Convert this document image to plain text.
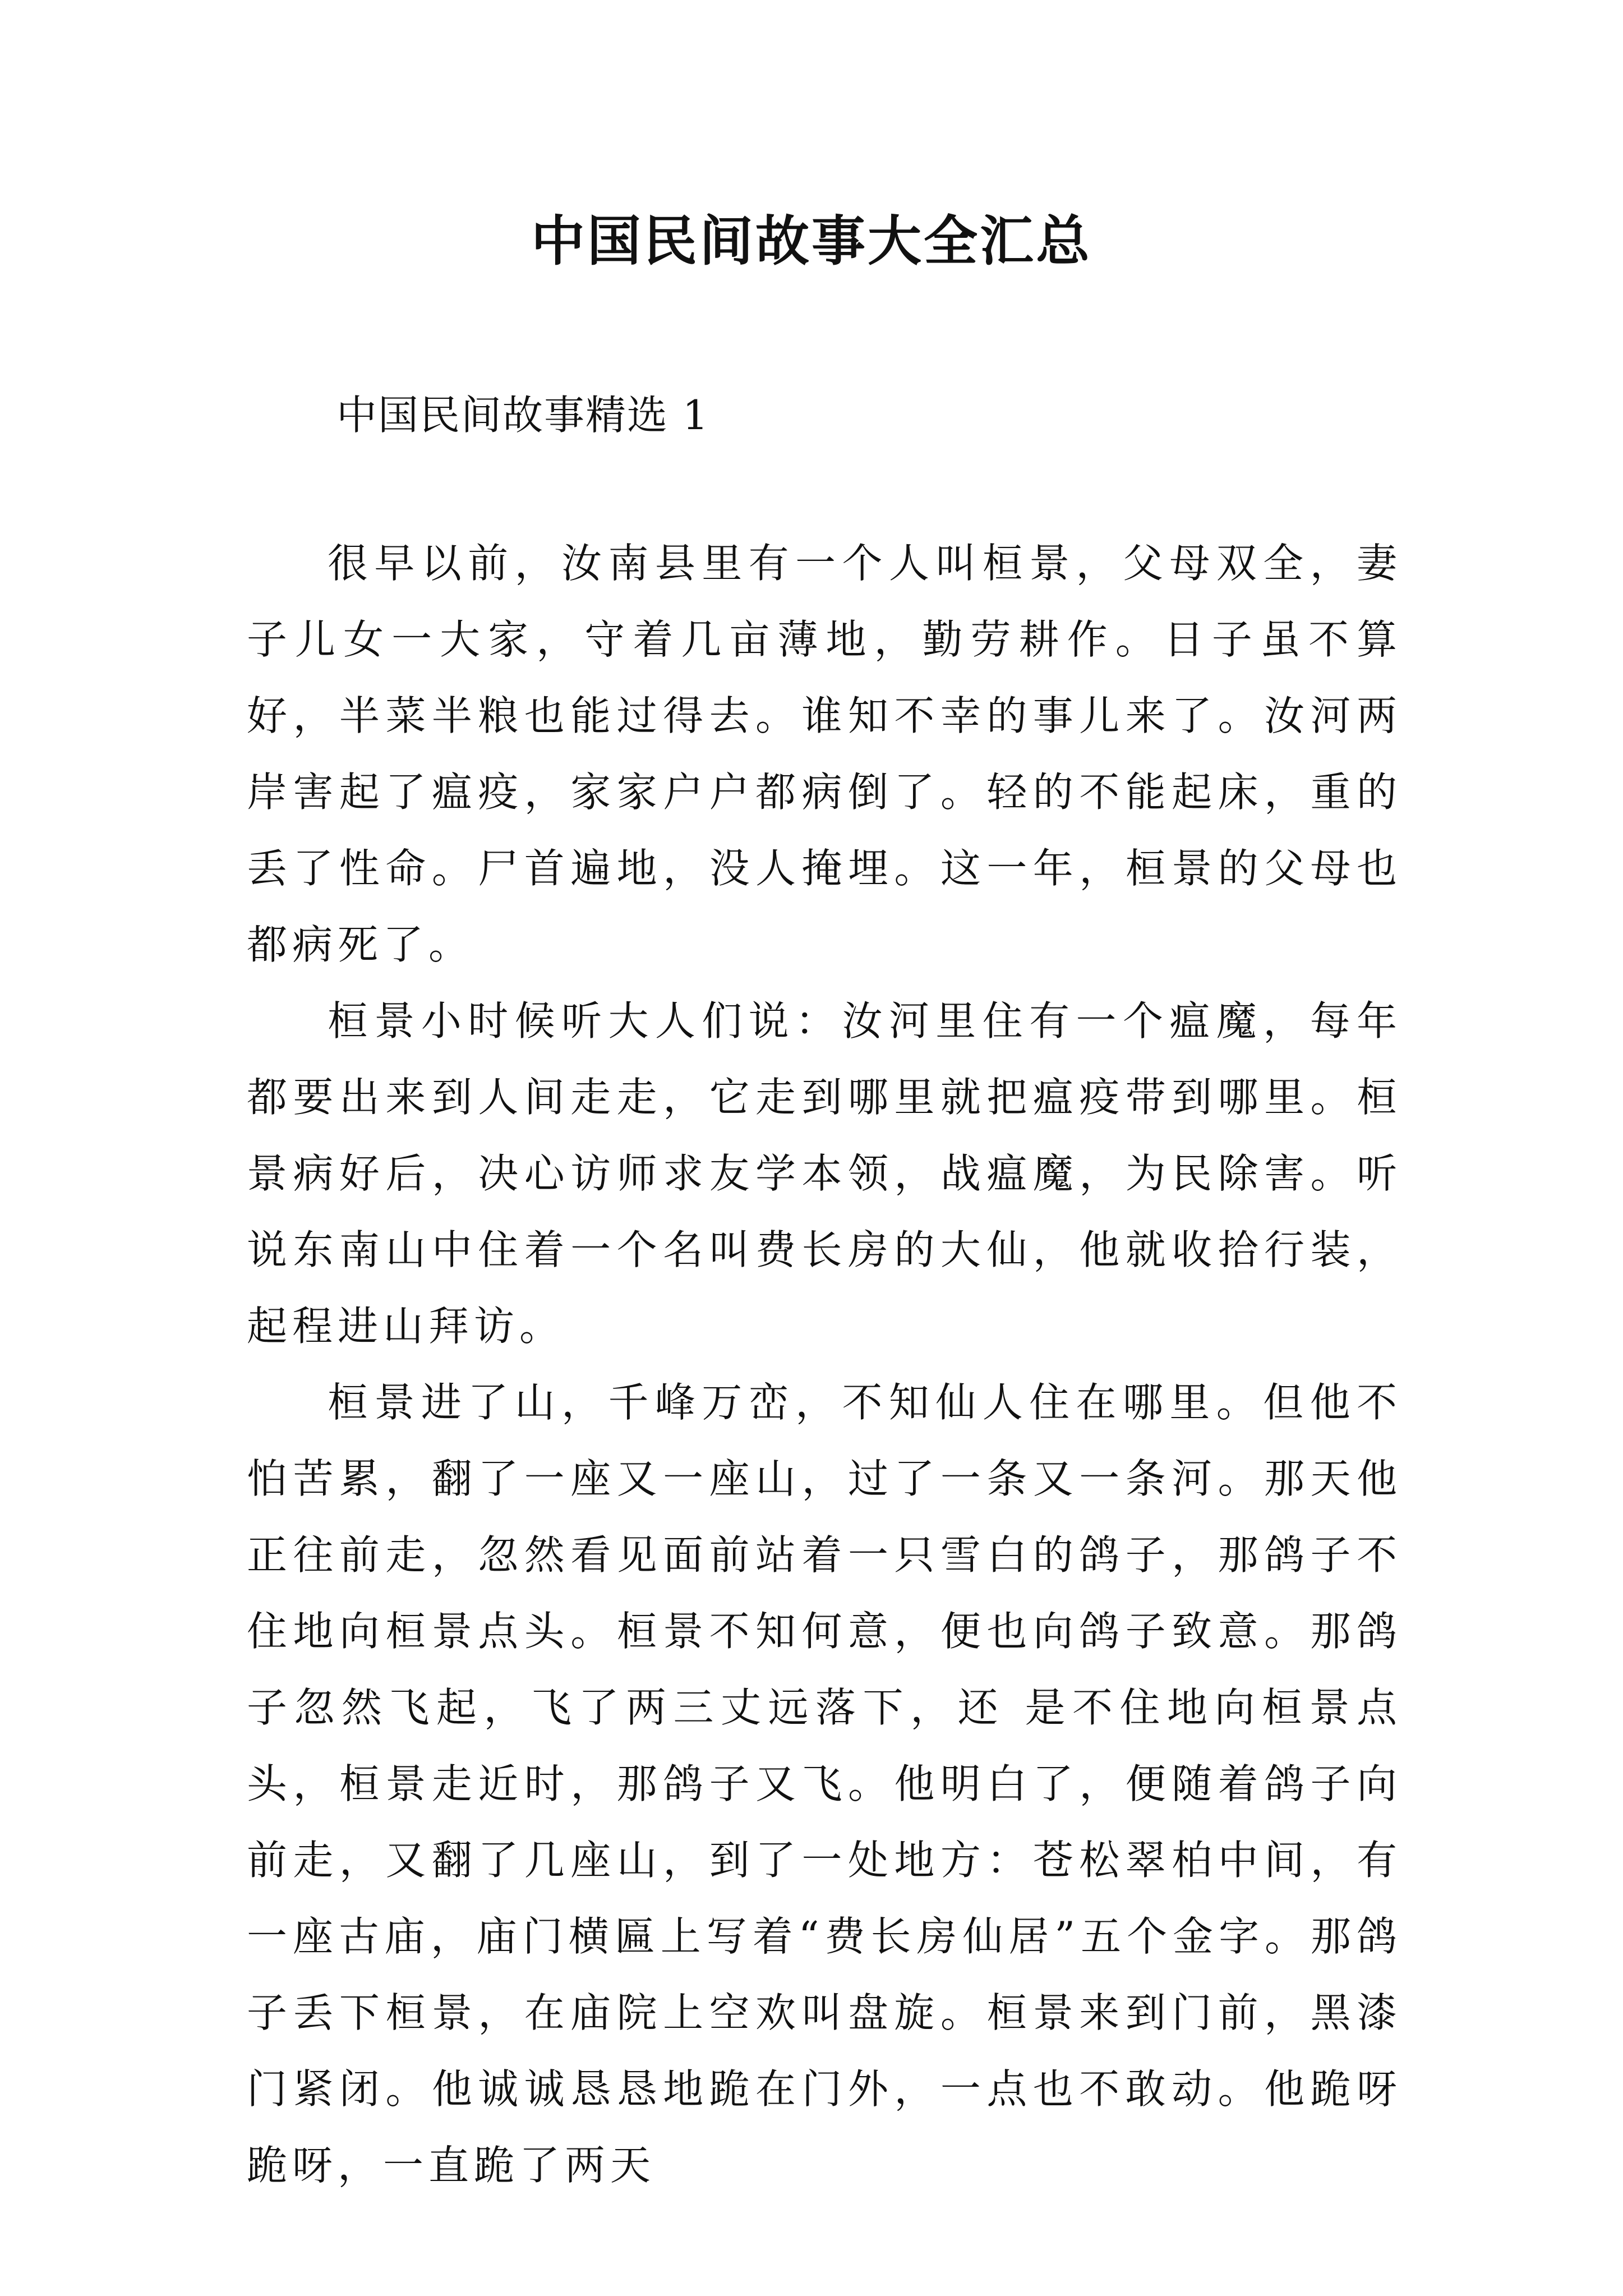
中国民间故事大全汇总
中国民间故事精选 1

很早以前，汝南县里有一个人叫桓景，父母双全，妻子儿女一大家，守着几亩薄地，勤劳耕作。日子虽不算好，半菜半粮也能过得去。谁知不幸的事儿来了。汝河两岸害起了瘟疫，家家户户都病倒了。轻的不能起床，重的丢了性命。尸首遍地，没人掩埋。这一年，桓景的父母也都病死了。

桓景小时候听大人们说：汝河里住有一个瘟魔，每年都要出来到人间走走，它走到哪里就把瘟疫带到哪里。桓景病好后，决心访师求友学本领，战瘟魔，为民除害。听说东南山中住着一个名叫费长房的大仙，他就收拾行装，起程进山拜访。

桓景进了山，千峰万峦，不知仙人住在哪里。但他不怕苦累，翻了一座又一座山，过了一条又一条河。那天他正往前走，忽然看见面前站着一只雪白的鸽子，那鸽子不住地向桓景点头。桓景不知何意，便也向鸽子致意。那鸽子忽然飞起，飞了两三丈远落下，还 是不住地向桓景点头，桓景走近时，那鸽子又飞。他明白了，便随着鸽子向前走，又翻了几座山，到了一处地方：苍松翠柏中间，有一座古庙，庙门横匾上写着“费长房仙居”五个金字。那鸽子丢下桓景，在庙院上空欢叫盘旋。桓景来到门前，黑漆门紧闭。他诚诚恳恳地跪在门外，一点也不敢动。他跪呀跪呀，一直跪了两天
